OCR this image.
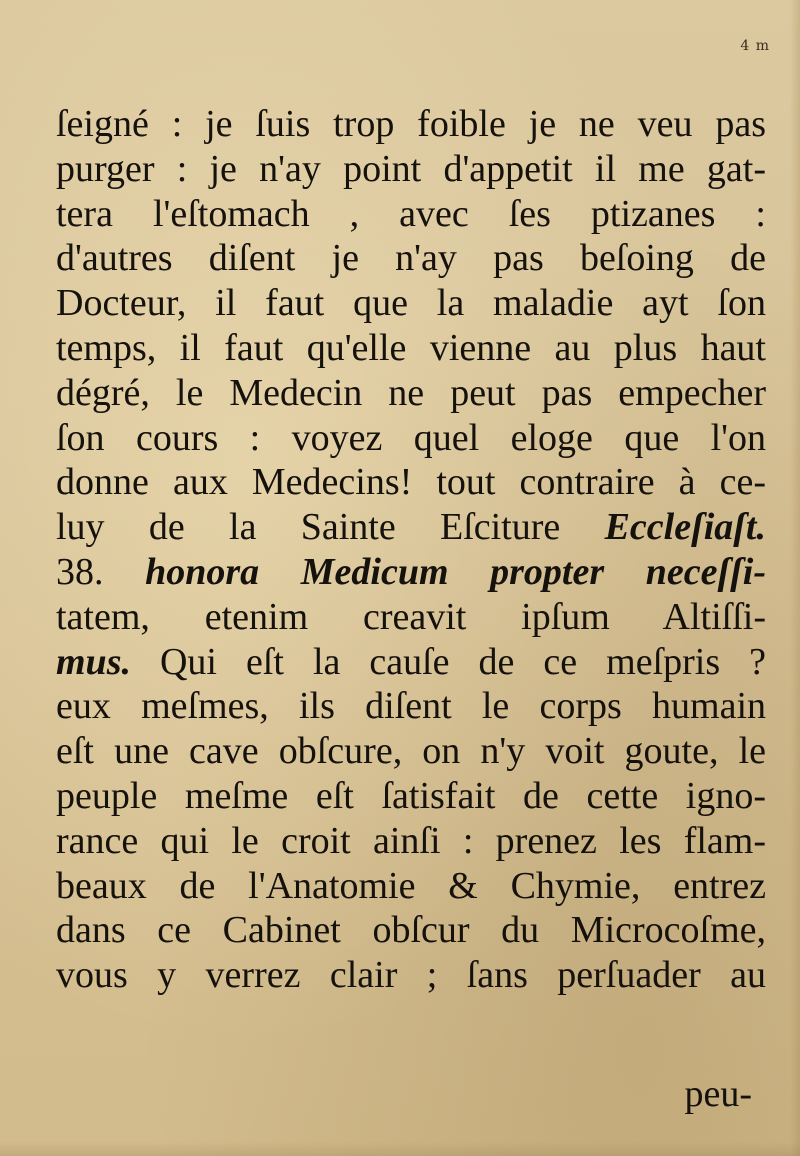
4 m
ſeigné : je ſuis trop foible je ne veu pas
purger : je n'ay point d'appetit il me gat-
tera l'eſtomach , avec ſes ptizanes :
d'autres diſent je n'ay pas beſoing de
Docteur, il faut que la maladie ayt ſon
temps, il faut qu'elle vienne au plus haut
dégré, le Medecin ne peut pas empecher
ſon cours : voyez quel eloge que l'on
donne aux Medecins! tout contraire à ce-
luy de la Sainte Eſciture Eccleſiaſt.
38. honora Medicum propter neceſſi-
tatem, etenim creavit ipſum Altiſſi-
mus. Qui eſt la cauſe de ce meſpris ?
eux meſmes, ils diſent le corps humain
eſt une cave obſcure, on n'y voit goute, le
peuple meſme eſt ſatisfait de cette igno-
rance qui le croit ainſi : prenez les flam-
beaux de l'Anatomie & Chymie, entrez
dans ce Cabinet obſcur du Microcoſme,
vous y verrez clair ; ſans perſuader au
peu-
